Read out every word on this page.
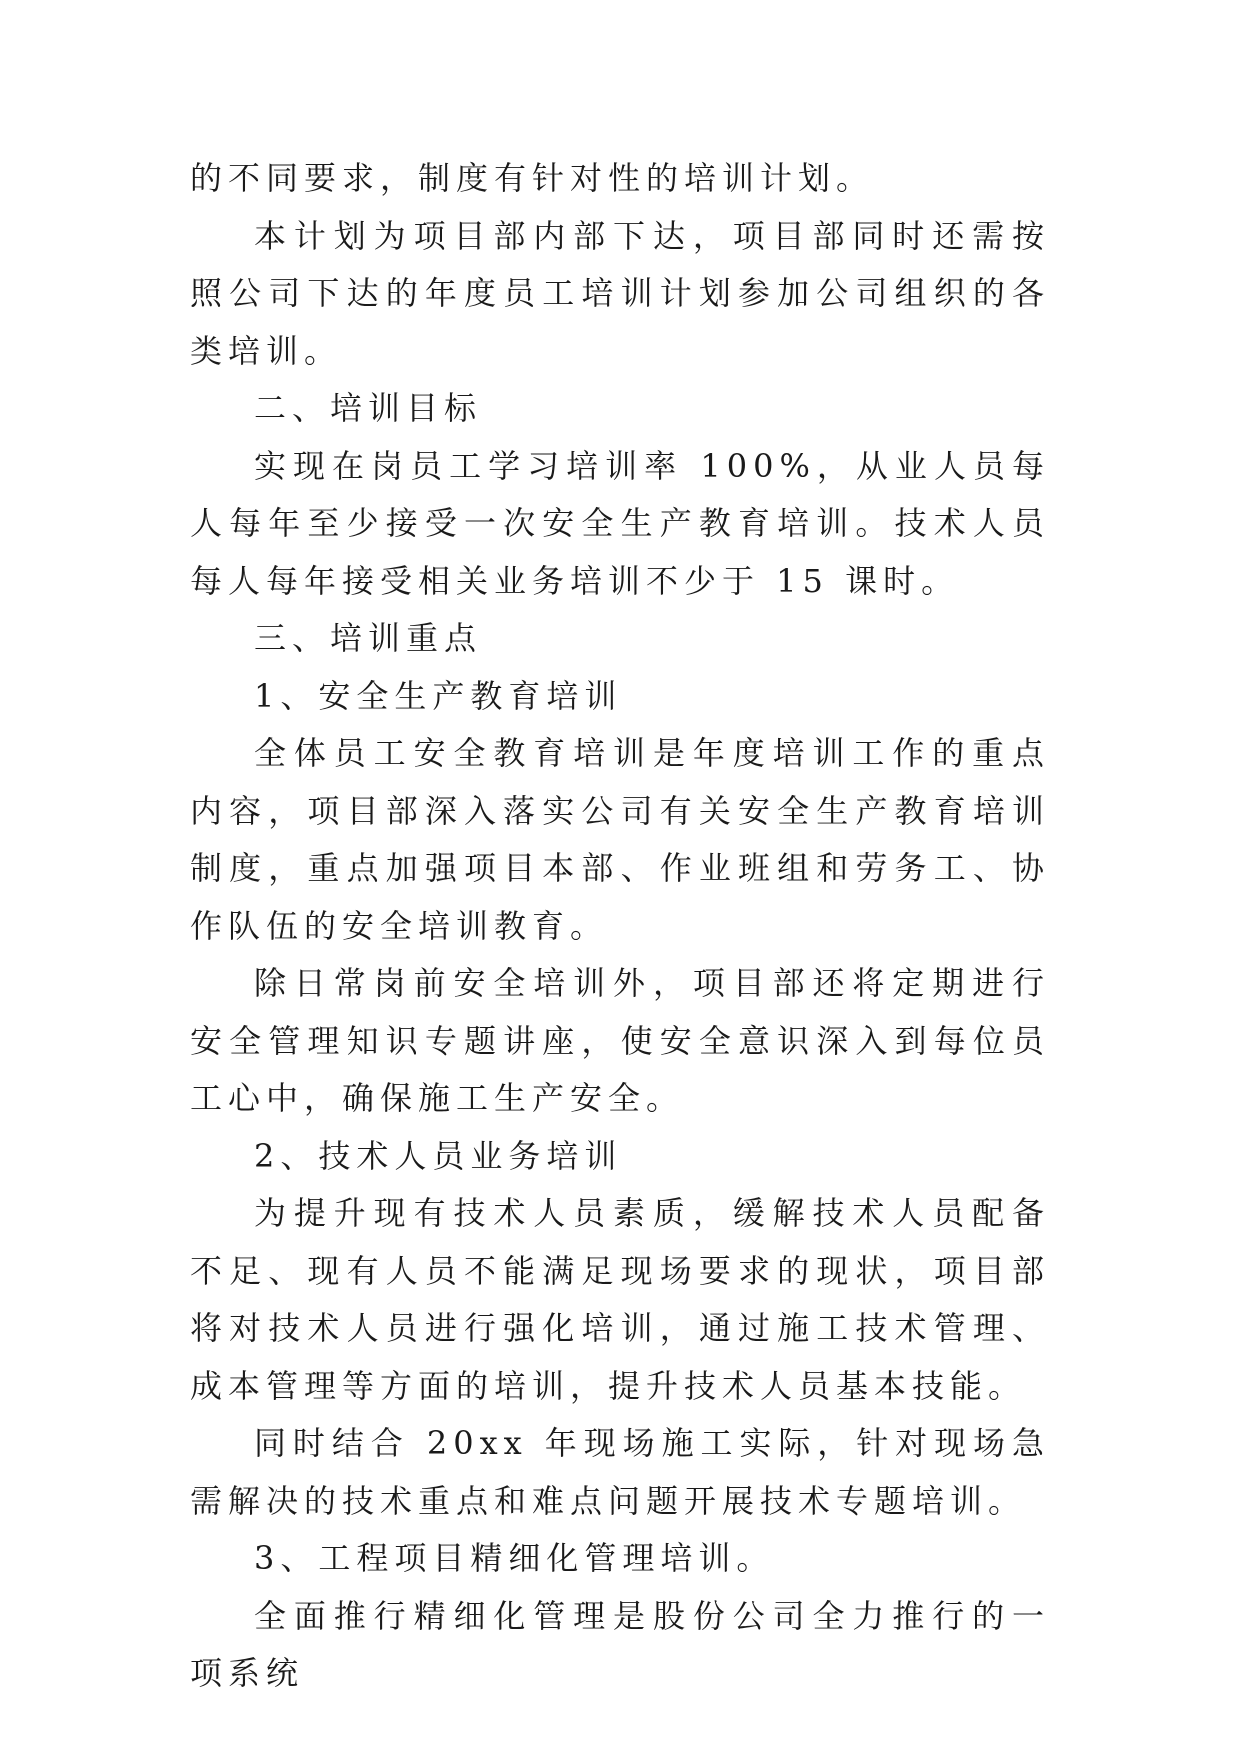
的不同要求，制度有针对性的培训计划。

本计划为项目部内部下达，项目部同时还需按照公司下达的年度员工培训计划参加公司组织的各类培训。

二、培训目标

实现在岗员工学习培训率 100%，从业人员每人每年至少接受一次安全生产教育培训。技术人员每人每年接受相关业务培训不少于 15 课时。

三、培训重点

1、安全生产教育培训

全体员工安全教育培训是年度培训工作的重点内容，项目部深入落实公司有关安全生产教育培训制度，重点加强项目本部、作业班组和劳务工、协作队伍的安全培训教育。

除日常岗前安全培训外，项目部还将定期进行安全管理知识专题讲座，使安全意识深入到每位员工心中，确保施工生产安全。

2、技术人员业务培训

为提升现有技术人员素质，缓解技术人员配备不足、现有人员不能满足现场要求的现状，项目部将对技术人员进行强化培训，通过施工技术管理、成本管理等方面的培训，提升技术人员基本技能。

同时结合 20xx 年现场施工实际，针对现场急需解决的技术重点和难点问题开展技术专题培训。

3、工程项目精细化管理培训。

全面推行精细化管理是股份公司全力推行的一项系统
